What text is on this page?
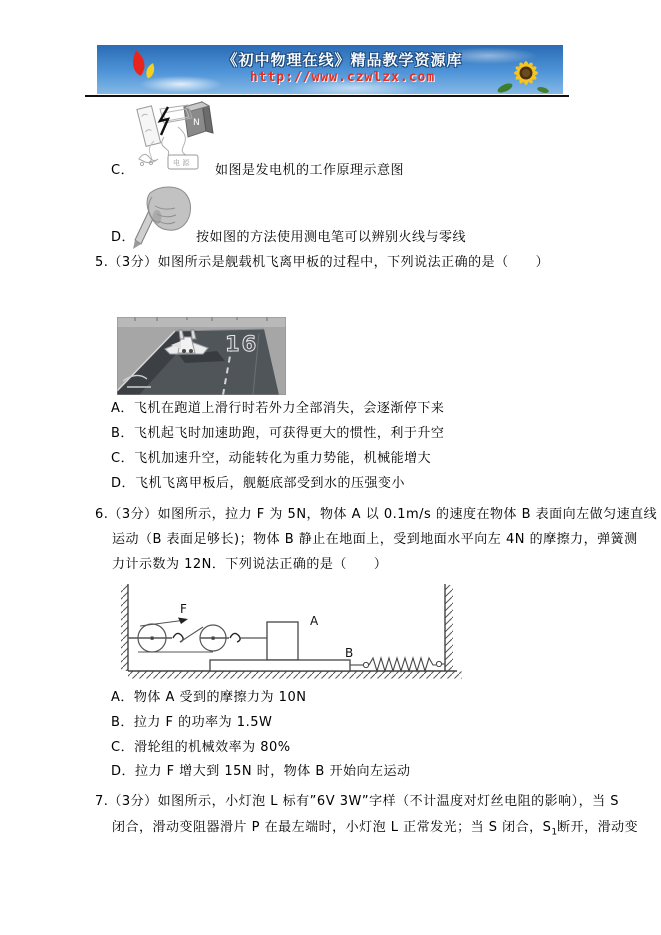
《初中物理在线》精品教学资源库
http://www.czwlzx.com
N
电 源
C．	如图是发电机的工作原理示意图
D．	按如图的方法使用测电笔可以辨别火线与零线
5.（3分）如图所示是舰载机飞离甲板的过程中，下列说法正确的是（　　）
16
A．飞机在跑道上滑行时若外力全部消失，会逐渐停下来
B．飞机起飞时加速助跑，可获得更大的惯性，利于升空
C．飞机加速升空，动能转化为重力势能，机械能增大
D．飞机飞离甲板后，舰艇底部受到水的压强变小
6.（3分）如图所示，拉力 F 为 5N，物体 A 以 0.1m/s 的速度在物体 B 表面向左做匀速直线
运动（B 表面足够长)；物体 B 静止在地面上，受到地面水平向左 4N 的摩擦力，弹簧测
力计示数为 12N．下列说法正确的是（　　）
F
A
B
A．物体 A 受到的摩擦力为 10N
B．拉力 F 的功率为 1.5W
C．滑轮组的机械效率为 80%
D．拉力 F 增大到 15N 时，物体 B 开始向左运动
7.（3分）如图所示，小灯泡 L 标有”6V 3W”字样（不计温度对灯丝电阻的影响），当 S
闭合，滑动变阻器滑片 P 在最左端时，小灯泡 L 正常发光；当 S 闭合，$S_1$断开，滑动变
